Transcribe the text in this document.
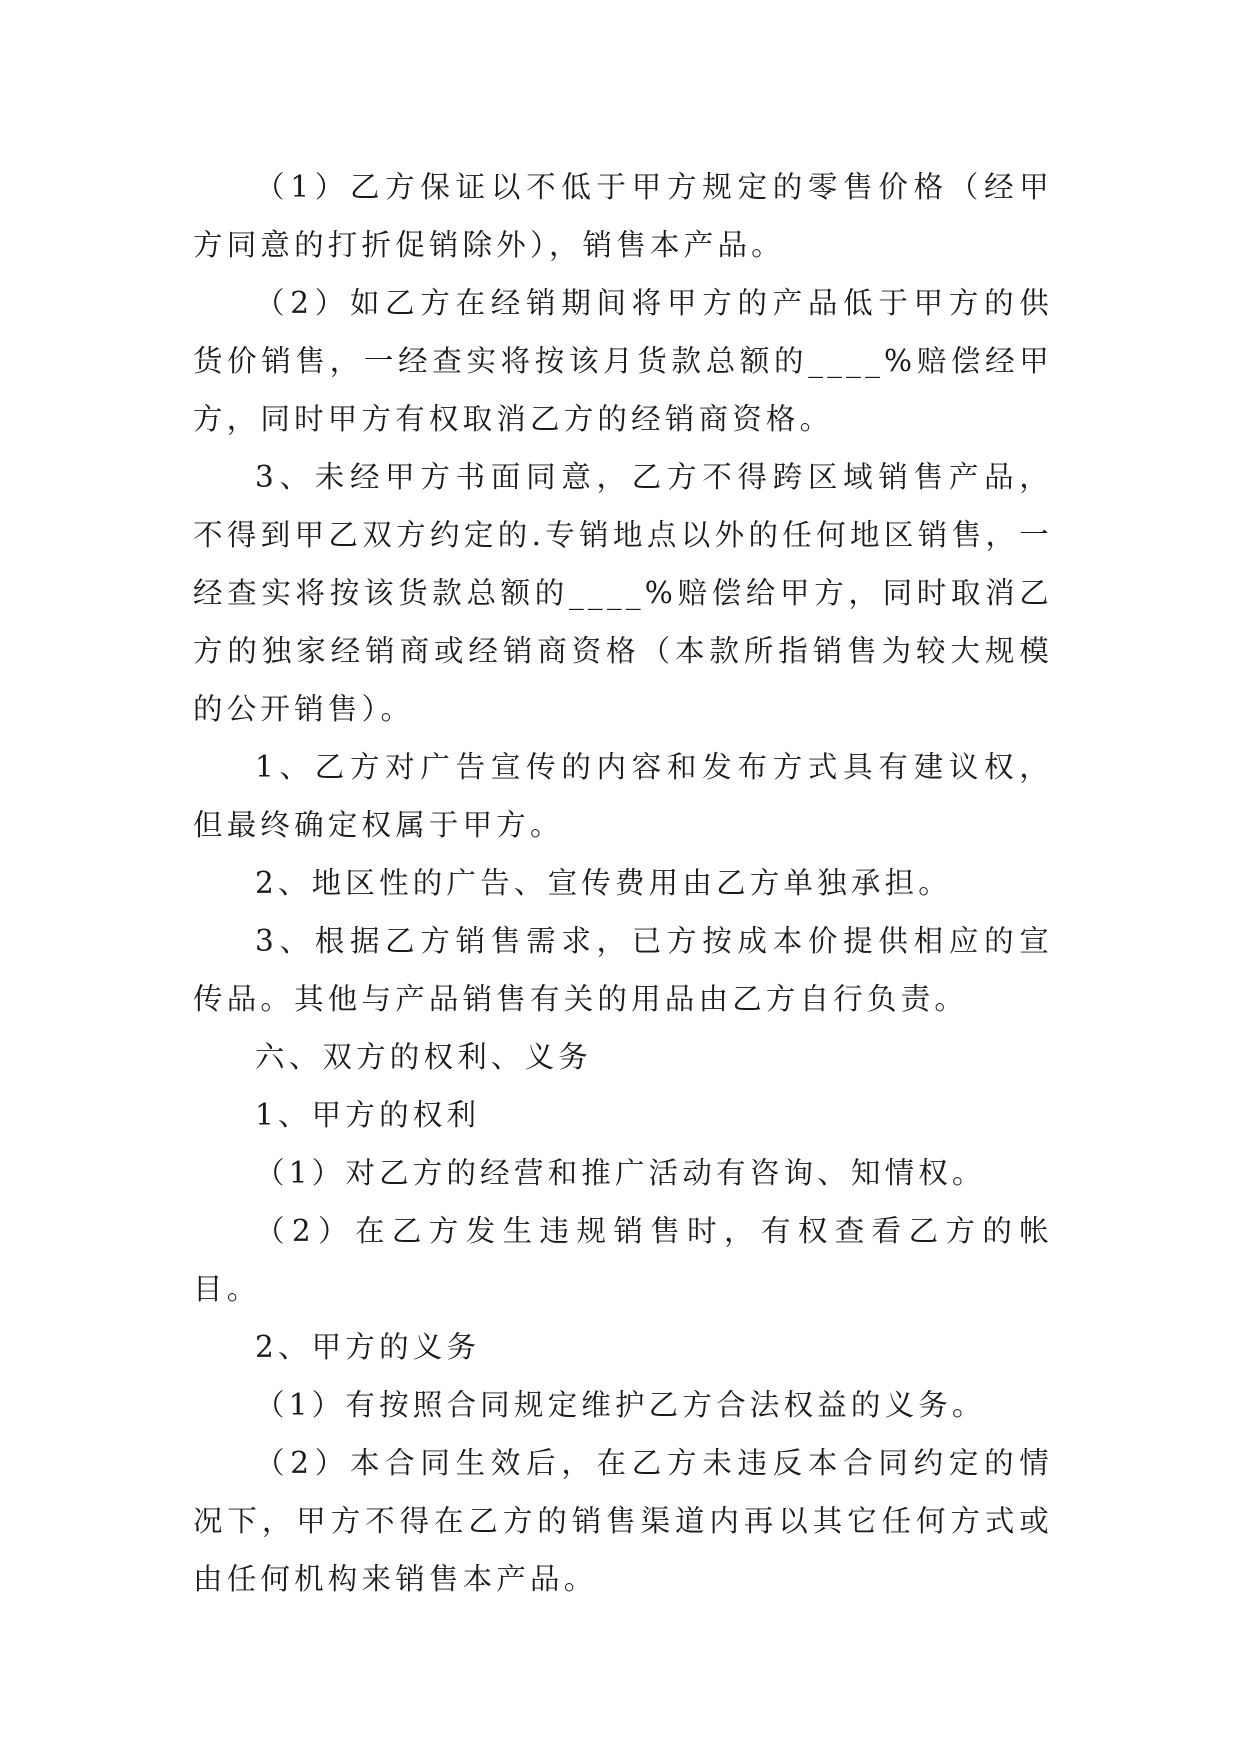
（1）乙方保证以不低于甲方规定的零售价格（经甲方同意的打折促销除外），销售本产品。

（2）如乙方在经销期间将甲方的产品低于甲方的供货价销售，一经查实将按该月货款总额的____%赔偿经甲方，同时甲方有权取消乙方的经销商资格。

3、未经甲方书面同意，乙方不得跨区域销售产品，不得到甲乙双方约定的.专销地点以外的任何地区销售，一经查实将按该货款总额的____%赔偿给甲方，同时取消乙方的独家经销商或经销商资格（本款所指销售为较大规模的公开销售）。

1、乙方对广告宣传的内容和发布方式具有建议权，但最终确定权属于甲方。

2、地区性的广告、宣传费用由乙方单独承担。

3、根据乙方销售需求，已方按成本价提供相应的宣传品。其他与产品销售有关的用品由乙方自行负责。

六、双方的权利、义务

1、甲方的权利

（1）对乙方的经营和推广活动有咨询、知情权。

（2）在乙方发生违规销售时，有权查看乙方的帐目。

2、甲方的义务

（1）有按照合同规定维护乙方合法权益的义务。

（2）本合同生效后，在乙方未违反本合同约定的情况下，甲方不得在乙方的销售渠道内再以其它任何方式或由任何机构来销售本产品。
